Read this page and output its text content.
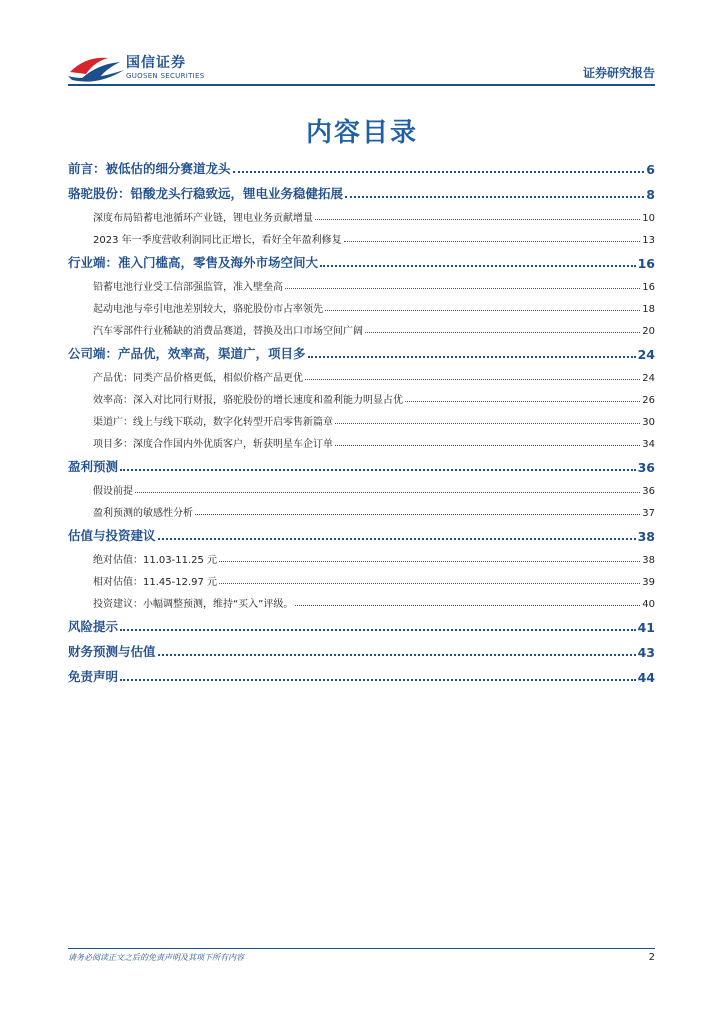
国信证券
GUOSEN SECURITIES	证券研究报告
内容目录
前言：被低估的细分赛道龙头	6
骆驼股份：铅酸龙头行稳致远，锂电业务稳健拓展	8
深度布局铅蓄电池循环产业链，锂电业务贡献增量	10
2023 年一季度营收利润同比正增长，看好全年盈利修复	13
行业端：准入门槛高，零售及海外市场空间大	16
铅蓄电池行业受工信部强监管，准入壁垒高	16
起动电池与牵引电池差别较大，骆驼股份市占率领先	18
汽车零部件行业稀缺的消费品赛道，替换及出口市场空间广阔	20
公司端：产品优，效率高，渠道广，项目多	24
产品优：同类产品价格更低，相似价格产品更优	24
效率高：深入对比同行财报，骆驼股份的增长速度和盈利能力明显占优	26
渠道广：线上与线下联动，数字化转型开启零售新篇章	30
项目多：深度合作国内外优质客户，斩获明星车企订单	34
盈利预测	36
假设前提	36
盈利预测的敏感性分析	37
估值与投资建议	38
绝对估值：11.03-11.25 元	38
相对估值：11.45-12.97 元	39
投资建议：小幅调整预测，维持“买入”评级。	40
风险提示	41
财务预测与估值	43
免责声明	44
请务必阅读正文之后的免责声明及其项下所有内容	2
